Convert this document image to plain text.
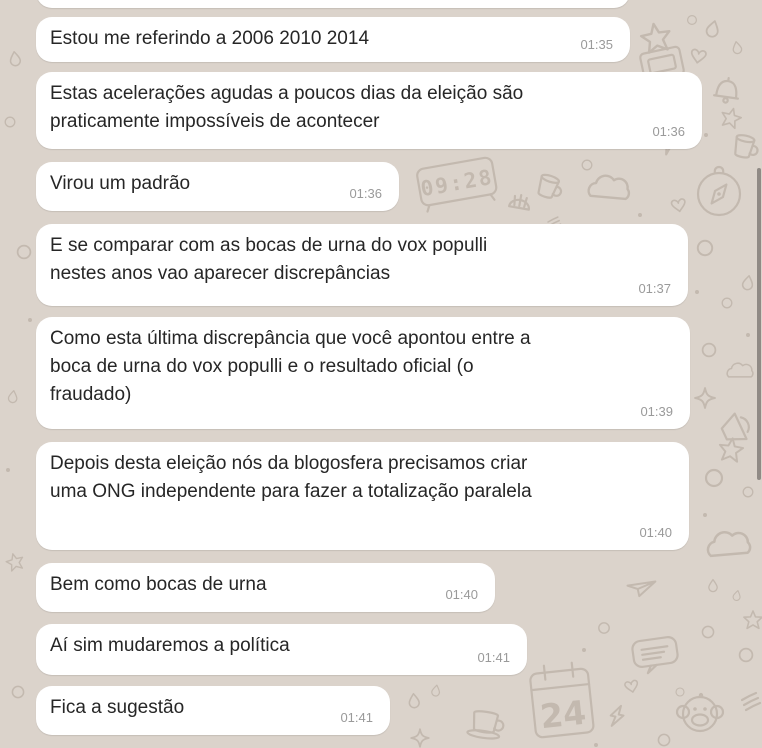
09:28
24
Estou me referindo a 2006 2010 2014	01:35
Estas acelerações agudas a poucos dias da eleição são
praticamente impossíveis de acontecer	01:36
Virou um padrão	01:36
E se comparar com as bocas de urna do vox populli
nestes anos vao aparecer discrepâncias
01:37
Como esta última discrepância que você apontou entre a
boca de urna do vox populli e o resultado oficial (o
fraudado)
01:39
Depois desta eleição nós da blogosfera precisamos criar
uma ONG independente para fazer a totalização paralela
01:40
Bem como bocas de urna	01:40
Aí sim mudaremos a política
01:41
Fica a sugestão	01:41
